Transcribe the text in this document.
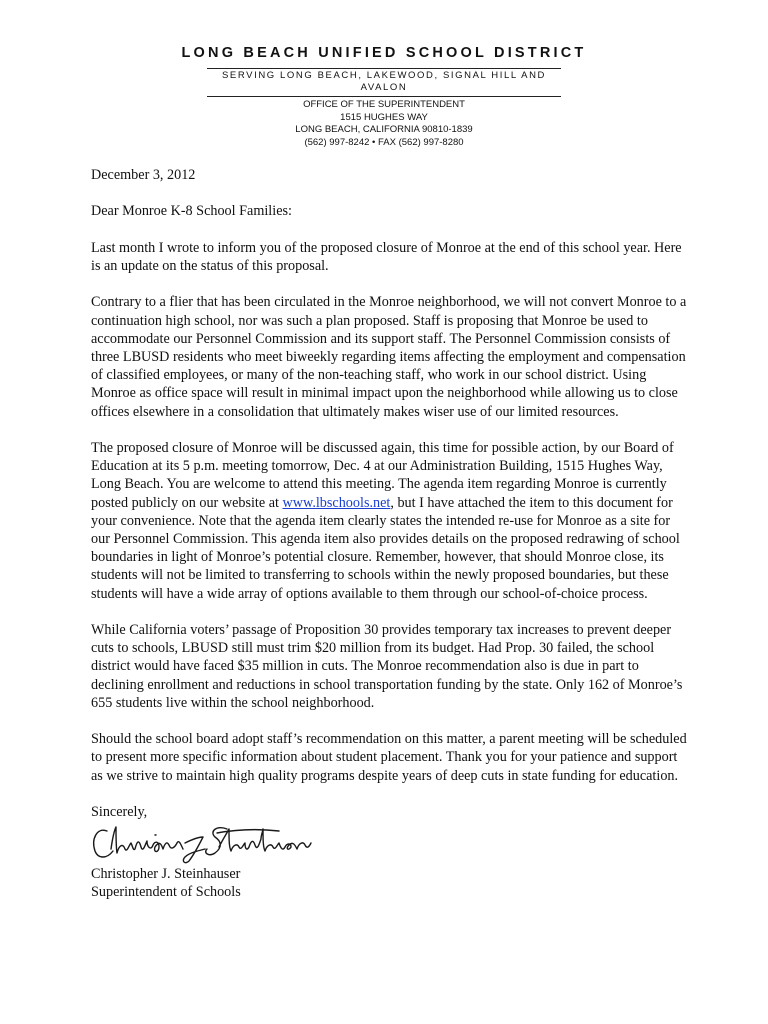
LONG BEACH UNIFIED SCHOOL DISTRICT
SERVING LONG BEACH, LAKEWOOD, SIGNAL HILL AND
AVALON
OFFICE OF THE SUPERINTENDENT
1515 HUGHES WAY
LONG BEACH, CALIFORNIA 90810-1839
(562) 997-8242 • FAX (562) 997-8280

December 3, 2012

Dear Monroe K-8 School Families:

Last month I wrote to inform you of the proposed closure of Monroe at the end of this school year. Here is an update on the status of this proposal.

Contrary to a flier that has been circulated in the Monroe neighborhood, we will not convert Monroe to a continuation high school, nor was such a plan proposed. Staff is proposing that Monroe be used to accommodate our Personnel Commission and its support staff. The Personnel Commission consists of three LBUSD residents who meet biweekly regarding items affecting the employment and compensation of classified employees, or many of the non-teaching staff, who work in our school district. Using Monroe as office space will result in minimal impact upon the neighborhood while allowing us to close offices elsewhere in a consolidation that ultimately makes wiser use of our limited resources.

The proposed closure of Monroe will be discussed again, this time for possible action, by our Board of Education at its 5 p.m. meeting tomorrow, Dec. 4 at our Administration Building, 1515 Hughes Way, Long Beach. You are welcome to attend this meeting. The agenda item regarding Monroe is currently posted publicly on our website at www.lbschools.net, but I have attached the item to this document for your convenience. Note that the agenda item clearly states the intended re-use for Monroe as a site for our Personnel Commission. This agenda item also provides details on the proposed redrawing of school boundaries in light of Monroe’s potential closure. Remember, however, that should Monroe close, its students will not be limited to transferring to schools within the newly proposed boundaries, but these students will have a wide array of options available to them through our school-of-choice process.

While California voters’ passage of Proposition 30 provides temporary tax increases to prevent deeper cuts to schools, LBUSD still must trim $20 million from its budget. Had Prop. 30 failed, the school district would have faced $35 million in cuts. The Monroe recommendation also is due in part to declining enrollment and reductions in school transportation funding by the state. Only 162 of Monroe’s 655 students live within the school neighborhood.

Should the school board adopt staff’s recommendation on this matter, a parent meeting will be scheduled to present more specific information about student placement. Thank you for your patience and support as we strive to maintain high quality programs despite years of deep cuts in state funding for education.

Sincerely,

Christopher J. Steinhauser

Superintendent of Schools
